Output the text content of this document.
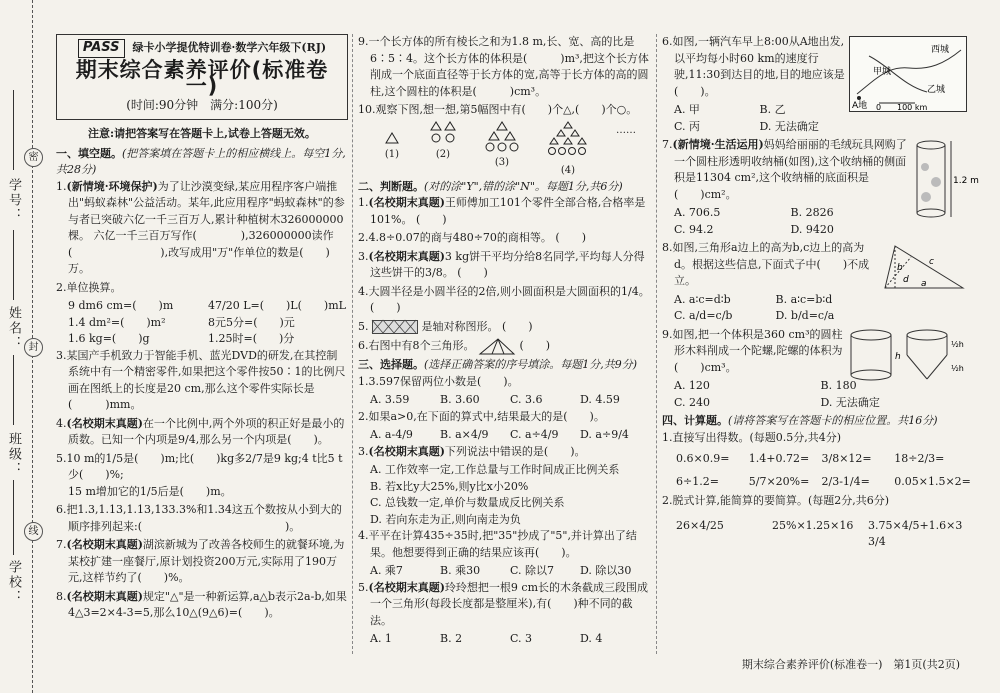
学号：
姓名：
班级：
学校：
密
封
线
PASS	绿卡小学提优特训卷·数学六年级下(RJ)
期末综合素养评价(标准卷一)
(时间:90分钟　满分:100分)
注意:请把答案写在答题卡上,试卷上答题无效。
一、填空题。(把答案填在答题卡上的相应横线上。每空1分,共28分)
1.(新情境·环境保护)为了让沙漠变绿,某应用程序客户端推出"蚂蚁森林"公益活动。某年,此应用程序"蚂蚁森林"的参与者已突破六亿一千三百万人,累计种植树木326000000棵。 六亿一千三百万写作(　　　　),326000000读作(　　　　　　　　),改写成用"万"作单位的数是(　　)万。
2.单位换算。
9 dm6 cm=(　　)m	47/20 L=(　　)L(　　)mL
1.4 dm²=(　　)m²	8元5分=(　　)元
1.6 kg=(　　)g	1.25时=(　　)分
3.某国产手机致力于智能手机、蓝光DVD的研发,在其控制系统中有一个精密零件,如果把这个零件按50∶1的比例尺画在图纸上的长度是20 cm,那么这个零件实际长是(　　　)mm。
4.(名校期末真题)在一个比例中,两个外项的积正好是最小的质数。已知一个内项是9/4,那么另一个内项是(　　)。
5.10 m的1/5是(　　)m;比(　　)kg多2/7是9 kg;4 t比5 t少(　　)%;
15 m增加它的1/5后是(　　)m。
6.把1.3,1.13,1.13,133.3%和1.34这五个数按从小到大的顺序排列起来:(　　　　　　　　　　　　　)。
7.(名校期末真题)湖滨新城为了改善各校师生的就餐环境,为某校扩建一座餐厅,原计划投资200万元,实际用了190万元,这样节约了(　　)%。
8.(名校期末真题)规定"△"是一种新运算,a△b表示2a-b,如果4△3=2×4-3=5,那么10△(9△6)=(　　)。
9.一个长方体的所有棱长之和为1.8 m,长、宽、高的比是6∶5∶4。这个长方体的体积是(　　　)m³,把这个长方体削成一个底面直径等于长方体的宽,高等于长方体的高的圆柱,这个圆柱的体积是(　　　)cm³。
10.观察下图,想一想,第5幅图中有(　　)个△,(　　)个○。

(1)	(2)

(3)

(4)
……
二、判断题。(对的涂"Y",错的涂"N"。每题1分,共6分)
1.(名校期末真题)王师傅加工101个零件全部合格,合格率是101%。 (　　)
2.4.8÷0.07的商与480÷70的商相等。 (　　)
3.(名校期末真题)3 kg饼干平均分给8名同学,平均每人分得这些饼干的3/8。 (　　)
4.大圆半径是小圆半径的2倍,则小圆面积是大圆面积的1/4。 (　　)
5.	是轴对称图形。 (　　)
6.右图中有8个三角形。	(　　)
三、选择题。(选择正确答案的序号填涂。每题1分,共9分)
1.3.597保留两位小数是(　　)。
A. 3.59	B. 3.60	C. 3.6	D. 4.59
2.如果a>0,在下面的算式中,结果最大的是(　　)。
A. a-4/9	B. a×4/9	C. a÷4/9	D. a÷9/4
3.(名校期末真题)下列说法中错误的是(　　)。
A. 工作效率一定,工作总量与工作时间成正比例关系
B. 若x比y大25%,则y比x小20%
C. 总钱数一定,单价与数量成反比例关系
D. 若向东走为正,则向南走为负
4.平平在计算435÷35时,把"35"抄成了"5",并计算出了结果。他想要得到正确的结果应该再(　　)。
A. 乘7	B. 乘30	C. 除以7	D. 除以30
5.(名校期末真题)玲玲想把一根9 cm长的木条截成三段围成一个三角形(每段长度都是整厘米),有(　　)种不同的截法。
A. 1	B. 2	C. 3	D. 4
西城
甲城
乙城
A地 0 100 km
6.如图,一辆汽车早上8:00从A地出发,以平均每小时60 km的速度行驶,11:30到达目的地,目的地应该是(　　)。
A. 甲	B. 乙
C. 丙	D. 无法确定
1.2 m
7.(新情境·生活运用)妈妈给丽丽的毛绒玩具网购了一个圆柱形透明收纳桶(如图),这个收纳桶的侧面积是11304 cm²,这个收纳桶的底面积是(　　)cm²。
A. 706.5	B. 2826
C. 94.2	D. 9420
a
b
c
d
8.如图,三角形a边上的高为b,c边上的高为d。根据这些信息,下面式子中(　　)不成立。
A. a∶c=d∶b	B. a∶c=b∶d
C. a/d=c/b	D. b/d=c/a
h
½h
½h
9.如图,把一个体积是360 cm³的圆柱形木料削成一个陀螺,陀螺的体积为(　　)cm³。
A. 120	B. 180
C. 240	D. 无法确定
四、计算题。(请将答案写在答题卡的相应位置。共16分)
1.直接写出得数。(每题0.5分,共4分)
0.6×0.9=	1.4+0.72=	3/8×12=	18÷2/3=
6÷1.2=	5/7×20%=	2/3-1/4=	0.05×1.5×2=
2.脱式计算,能简算的要简算。(每题2分,共6分)
26×4/25	25%×1.25×16	3.75×4/5+1.6×3 3/4
期末综合素养评价(标准卷一)　第1页(共2页)
